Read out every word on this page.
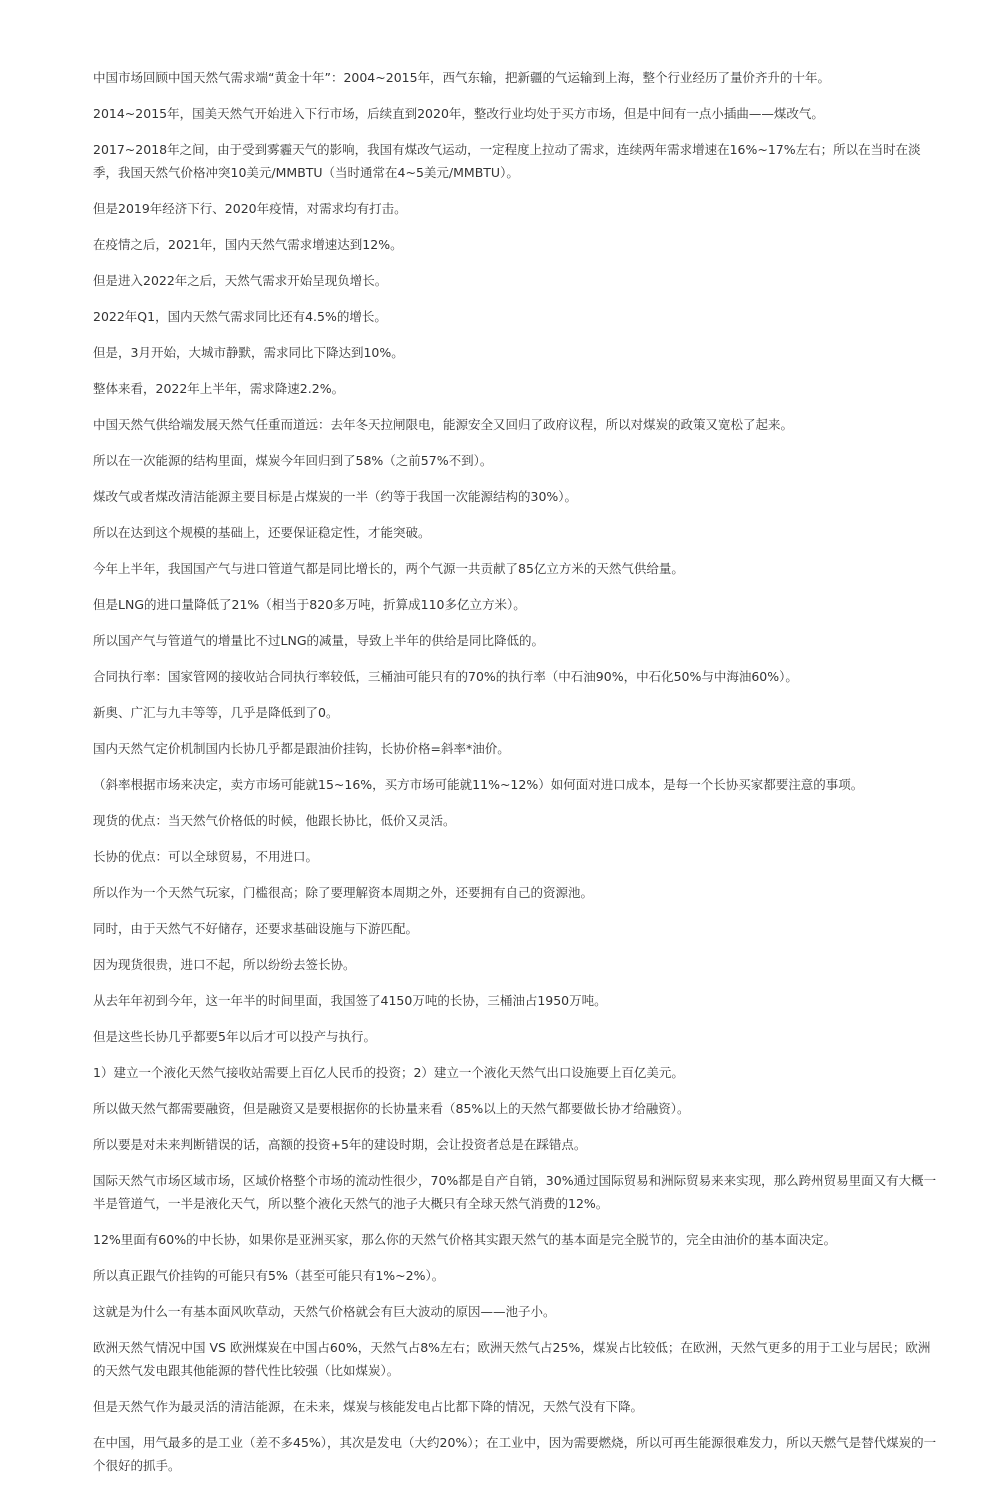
中国市场回顾中国天然气需求端“黄金十年”：2004~2015年，西气东输，把新疆的气运输到上海，整个行业经历了量价齐升的十年。

2014~2015年，国美天然气开始进入下行市场，后续直到2020年，整改行业均处于买方市场，但是中间有一点小插曲——煤改气。

2017~2018年之间，由于受到雾霾天气的影响，我国有煤改气运动，一定程度上拉动了需求，连续两年需求增速在16%~17%左右；所以在当时在淡季，我国天然气价格冲突10美元/MMBTU（当时通常在4~5美元/MMBTU）。

但是2019年经济下行、2020年疫情，对需求均有打击。

在疫情之后，2021年，国内天然气需求增速达到12%。

但是进入2022年之后，天然气需求开始呈现负增长。

2022年Q1，国内天然气需求同比还有4.5%的增长。

但是，3月开始，大城市静默，需求同比下降达到10%。

整体来看，2022年上半年，需求降速2.2%。

中国天然气供给端发展天然气任重而道远：去年冬天拉闸限电，能源安全又回归了政府议程，所以对煤炭的政策又宽松了起来。

所以在一次能源的结构里面，煤炭今年回归到了58%（之前57%不到）。

煤改气或者煤改清洁能源主要目标是占煤炭的一半（约等于我国一次能源结构的30%）。

所以在达到这个规模的基础上，还要保证稳定性，才能突破。

今年上半年，我国国产气与进口管道气都是同比增长的，两个气源一共贡献了85亿立方米的天然气供给量。

但是LNG的进口量降低了21%（相当于820多万吨，折算成110多亿立方米）。

所以国产气与管道气的增量比不过LNG的减量，导致上半年的供给是同比降低的。

合同执行率：国家管网的接收站合同执行率较低，三桶油可能只有的70%的执行率（中石油90%，中石化50%与中海油60%）。

新奥、广汇与九丰等等，几乎是降低到了0。

国内天然气定价机制国内长协几乎都是跟油价挂钩，长协价格=斜率*油价。

（斜率根据市场来决定，卖方市场可能就15~16%，买方市场可能就11%~12%）如何面对进口成本，是每一个长协买家都要注意的事项。

现货的优点：当天然气价格低的时候，他跟长协比，低价又灵活。

长协的优点：可以全球贸易，不用进口。

所以作为一个天然气玩家，门槛很高；除了要理解资本周期之外，还要拥有自己的资源池。

同时，由于天然气不好储存，还要求基础设施与下游匹配。

因为现货很贵，进口不起，所以纷纷去签长协。

从去年年初到今年，这一年半的时间里面，我国签了4150万吨的长协，三桶油占1950万吨。

但是这些长协几乎都要5年以后才可以投产与执行。

1）建立一个液化天然气接收站需要上百亿人民币的投资；2）建立一个液化天然气出口设施要上百亿美元。

所以做天然气都需要融资，但是融资又是要根据你的长协量来看（85%以上的天然气都要做长协才给融资）。

所以要是对未来判断错误的话，高额的投资+5年的建设时期，会让投资者总是在踩错点。

国际天然气市场区域市场，区域价格整个市场的流动性很少，70%都是自产自销，30%通过国际贸易和洲际贸易来来实现，那么跨州贸易里面又有大概一半是管道气，一半是液化天气，所以整个液化天然气的池子大概只有全球天然气消费的12%。

12%里面有60%的中长协，如果你是亚洲买家，那么你的天然气价格其实跟天然气的基本面是完全脱节的，完全由油价的基本面决定。

所以真正跟气价挂钩的可能只有5%（甚至可能只有1%~2%）。

这就是为什么一有基本面风吹草动，天然气价格就会有巨大波动的原因——池子小。

欧洲天然气情况中国 VS 欧洲煤炭在中国占60%，天然气占8%左右；欧洲天然气占25%，煤炭占比较低；在欧洲，天然气更多的用于工业与居民；欧洲的天然气发电跟其他能源的替代性比较强（比如煤炭）。

但是天然气作为最灵活的清洁能源，在未来，煤炭与核能发电占比都下降的情况，天然气没有下降。

在中国，用气最多的是工业（差不多45%），其次是发电（大约20%）；在工业中，因为需要燃烧，所以可再生能源很难发力，所以天燃气是替代煤炭的一个很好的抓手。
